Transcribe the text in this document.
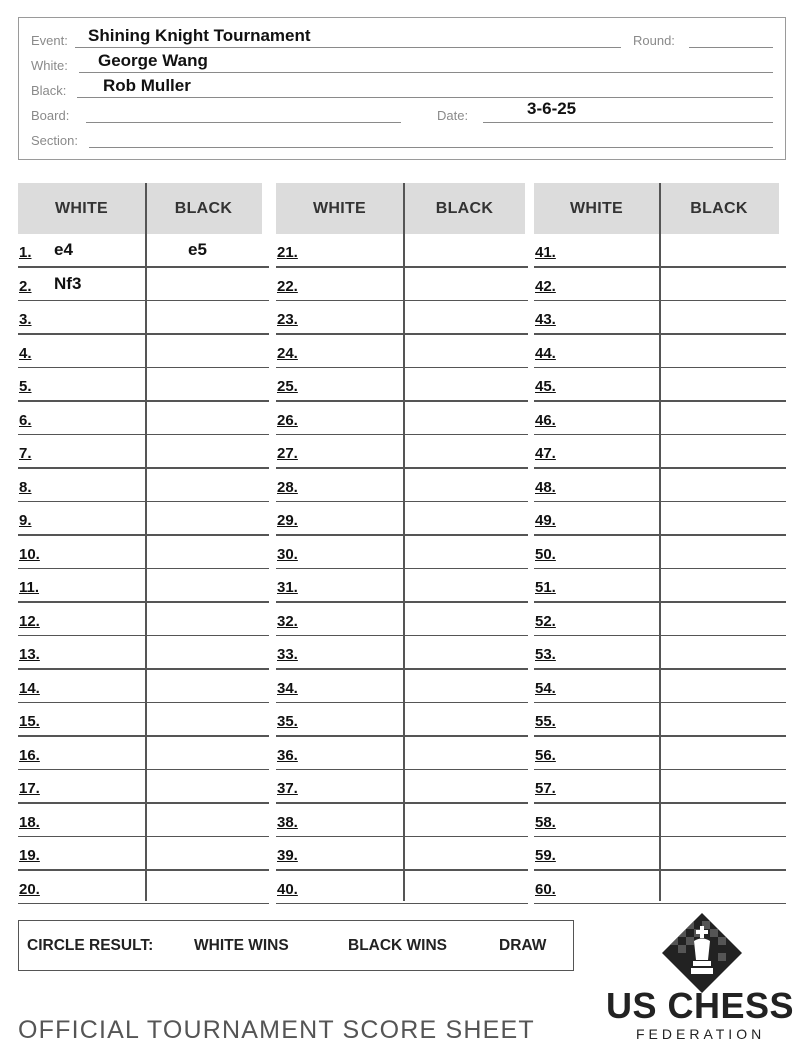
Event: Shining Knight Tournament	Round:
White: George Wang
Black: Rob Muller
Board:	Date:	3-6-25
Section:
WHITE	BLACK	WHITE	BLACK	WHITE	BLACK
1. e4	e5
2. Nf3
3.
4.
5.
6.
7.
8.
9.
10.
11.
12.
13.
14.
15.
16.
17.
18.
19.
20.
21.
22.
23.
24.
25.
26.
27.
28.
29.
30.
31.
32.
33.
34.
35.
36.
37.
38.
39.
40.
41.
42.
43.
44.
45.
46.
47.
48.
49.
50.
51.
52.
53.
54.
55.
56.
57.
58.
59.
60.
CIRCLE RESULT:	WHITE WINS	BLACK WINS	DRAW
OFFICIAL TOURNAMENT SCORE SHEET
US CHESS
FEDERATION
